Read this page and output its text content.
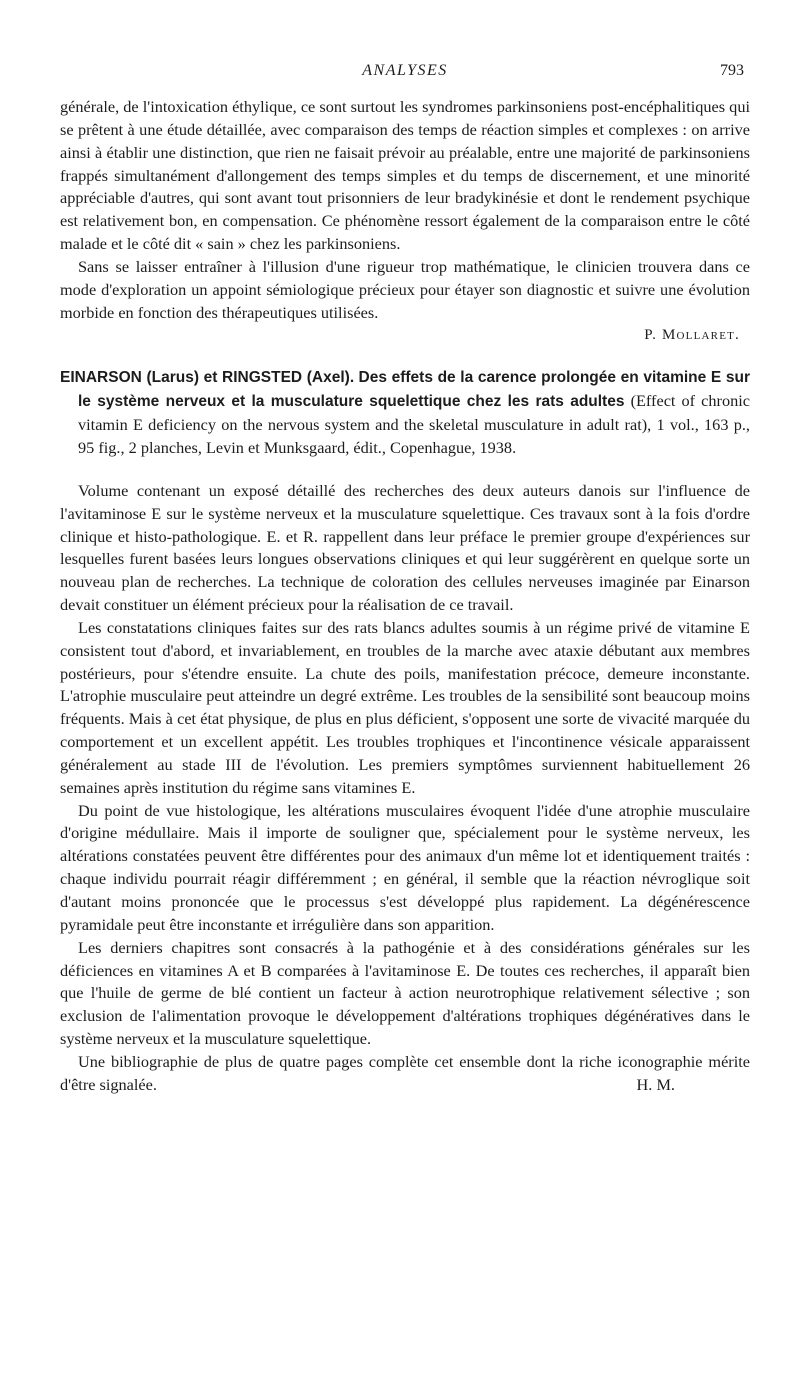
ANALYSES	793

générale, de l'intoxication éthylique, ce sont surtout les syndromes parkinsoniens post-encéphalitiques qui se prêtent à une étude détaillée, avec comparaison des temps de réaction simples et complexes : on arrive ainsi à établir une distinction, que rien ne faisait prévoir au préalable, entre une majorité de parkinsoniens frappés simultanément d'allongement des temps simples et du temps de discernement, et une minorité appréciable d'autres, qui sont avant tout prisonniers de leur bradykinésie et dont le rendement psychique est relativement bon, en compensation. Ce phénomène ressort également de la comparaison entre le côté malade et le côté dit « sain » chez les parkinsoniens.

Sans se laisser entraîner à l'illusion d'une rigueur trop mathématique, le clinicien trouvera dans ce mode d'exploration un appoint sémiologique précieux pour étayer son diagnostic et suivre une évolution morbide en fonction des thérapeutiques utilisées.

P. Mollaret.
EINARSON (Larus) et RINGSTED (Axel). Des effets de la carence prolongée en vitamine E sur le système nerveux et la musculature squelettique chez les rats adultes (Effect of chronic vitamin E deficiency on the nervous system and the skeletal musculature in adult rat), 1 vol., 163 p., 95 fig., 2 planches, Levin et Munksgaard, édit., Copenhague, 1938.

Volume contenant un exposé détaillé des recherches des deux auteurs danois sur l'influence de l'avitaminose E sur le système nerveux et la musculature squelettique. Ces travaux sont à la fois d'ordre clinique et histo-pathologique. E. et R. rappellent dans leur préface le premier groupe d'expériences sur lesquelles furent basées leurs longues observations cliniques et qui leur suggérèrent en quelque sorte un nouveau plan de recherches. La technique de coloration des cellules nerveuses imaginée par Einarson devait constituer un élément précieux pour la réalisation de ce travail.

Les constatations cliniques faites sur des rats blancs adultes soumis à un régime privé de vitamine E consistent tout d'abord, et invariablement, en troubles de la marche avec ataxie débutant aux membres postérieurs, pour s'étendre ensuite. La chute des poils, manifestation précoce, demeure inconstante. L'atrophie musculaire peut atteindre un degré extrême. Les troubles de la sensibilité sont beaucoup moins fréquents. Mais à cet état physique, de plus en plus déficient, s'opposent une sorte de vivacité marquée du comportement et un excellent appétit. Les troubles trophiques et l'incontinence vésicale apparaissent généralement au stade III de l'évolution. Les premiers symptômes surviennent habituellement 26 semaines après institution du régime sans vitamines E.

Du point de vue histologique, les altérations musculaires évoquent l'idée d'une atrophie musculaire d'origine médullaire. Mais il importe de souligner que, spécialement pour le système nerveux, les altérations constatées peuvent être différentes pour des animaux d'un même lot et identiquement traités : chaque individu pourrait réagir différemment ; en général, il semble que la réaction névroglique soit d'autant moins prononcée que le processus s'est développé plus rapidement. La dégénérescence pyramidale peut être inconstante et irrégulière dans son apparition.

Les derniers chapitres sont consacrés à la pathogénie et à des considérations générales sur les déficiences en vitamines A et B comparées à l'avitaminose E. De toutes ces recherches, il apparaît bien que l'huile de germe de blé contient un facteur à action neurotrophique relativement sélective ; son exclusion de l'alimentation provoque le développement d'altérations trophiques dégénératives dans le système nerveux et la musculature squelettique.

Une bibliographie de plus de quatre pages complète cet ensemble dont la riche iconographie mérite d'être signalée.	H. M.
